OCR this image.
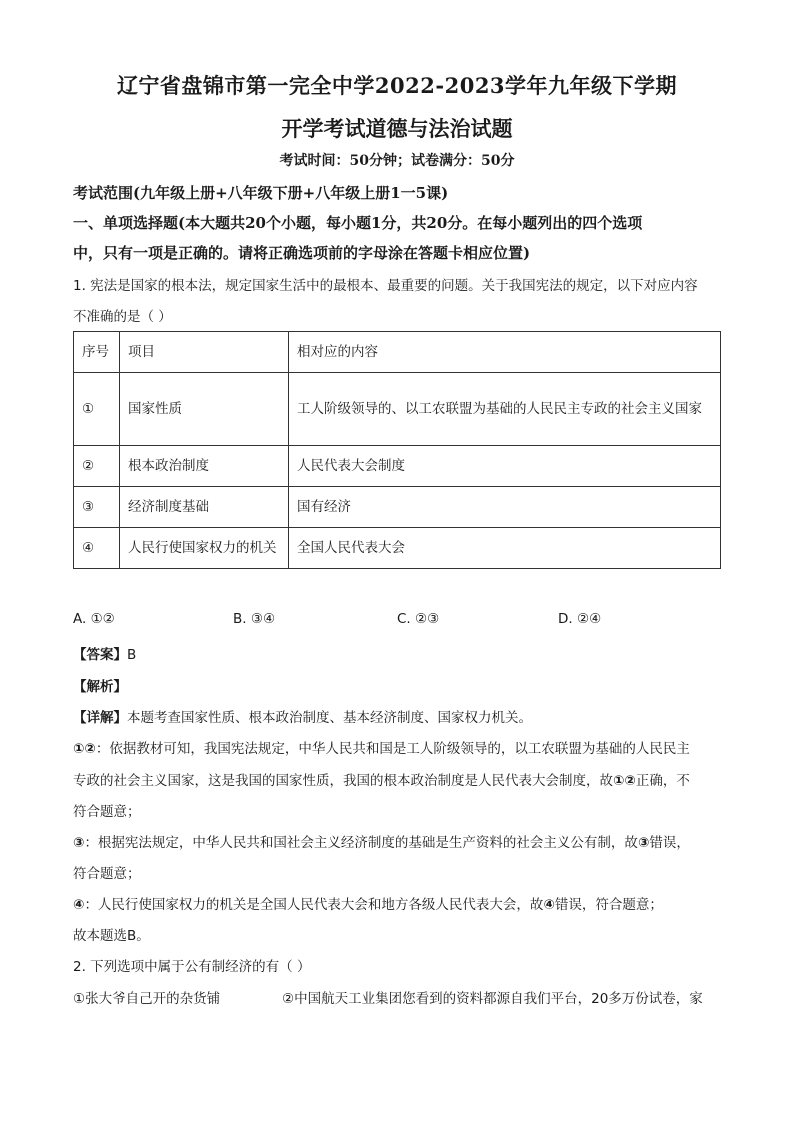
辽宁省盘锦市第一完全中学2022-2023学年九年级下学期
开学考试道德与法治试题
考试时间：50分钟；试卷满分：50分
考试范围(九年级上册+八年级下册+八年级上册1一5课)
一、单项选择题(本大题共20个小题，每小题1分，共20分。在每小题列出的四个选项
中，只有一项是正确的。请将正确选项前的字母涂在答题卡相应位置)
1. 宪法是国家的根本法，规定国家生活中的最根本、最重要的问题。关于我国宪法的规定，以下对应内容
不准确的是（ ）
序号	项目	相对应的内容
①	国家性质	工人阶级领导的、以工农联盟为基础的人民民主专政的社会主义国家
②	根本政治制度	人民代表大会制度
③	经济制度基础	国有经济
④	人民行使国家权力的机关	全国人民代表大会
A. ①②	B. ③④	C. ②③	D. ②④
【答案】B
【解析】
【详解】本题考查国家性质、根本政治制度、基本经济制度、国家权力机关。
①②：依据教材可知，我国宪法规定，中华人民共和国是工人阶级领导的，以工农联盟为基础的人民民主
专政的社会主义国家，这是我国的国家性质，我国的根本政治制度是人民代表大会制度，故①②正确，不
符合题意；
③：根据宪法规定，中华人民共和国社会主义经济制度的基础是生产资料的社会主义公有制，故③错误，
符合题意；
④：人民行使国家权力的机关是全国人民代表大会和地方各级人民代表大会，故④错误，符合题意；
故本题选B。
2. 下列选项中属于公有制经济的有（ ）
①张大爷自己开的杂货铺	②中国航天工业集团您看到的资料都源自我们平台，20多万份试卷，家
